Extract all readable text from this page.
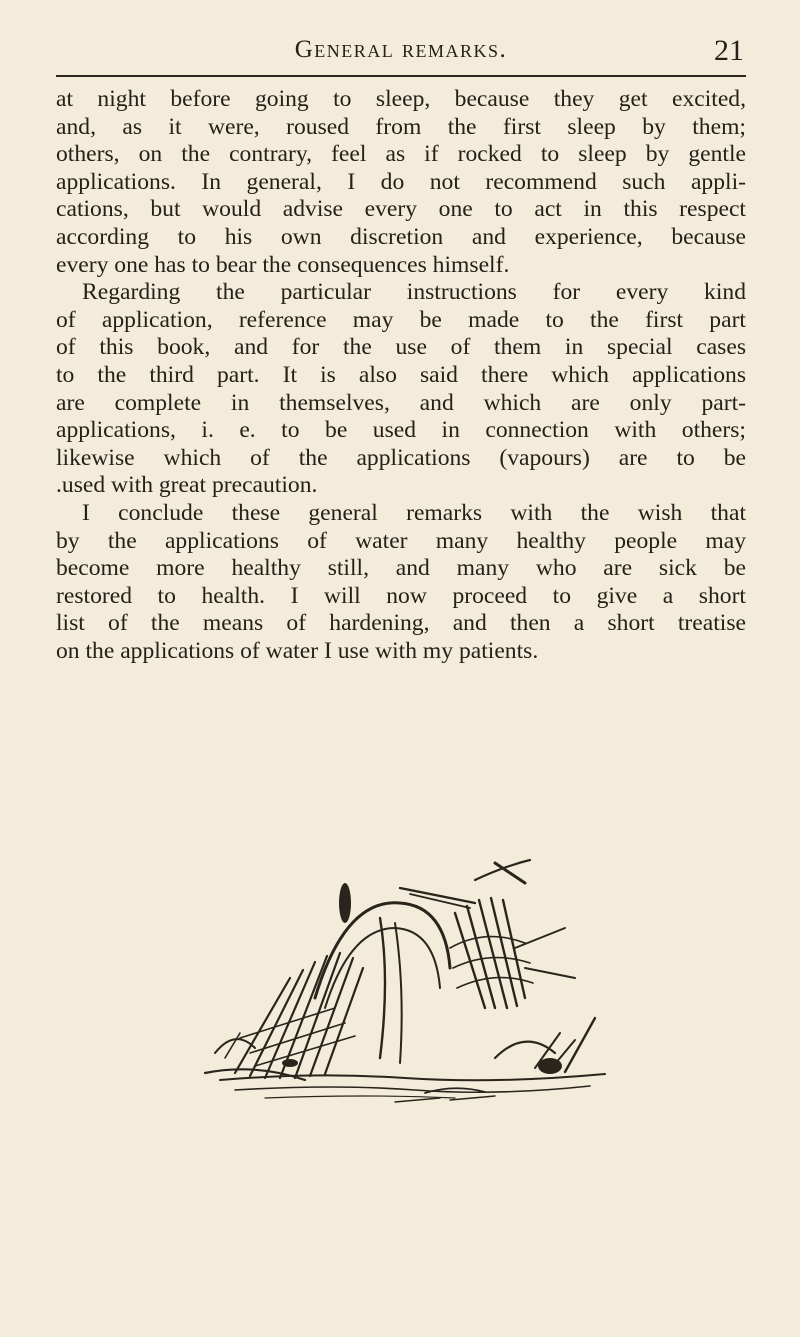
General remarks.	21
at night before going to sleep, because they get excited,
and, as it were, roused from the first sleep by them;
others, on the contrary, feel as if rocked to sleep by gentle
applications. In general, I do not recommend such appli-
cations, but would advise every one to act in this respect
according to his own discretion and experience, because
every one has to bear the consequences himself.
Regarding the particular instructions for every kind
of application, reference may be made to the first part
of this book, and for the use of them in special cases
to the third part. It is also said there which applications
are complete in themselves, and which are only part-
applications, i. e. to be used in connection with others;
likewise which of the applications (vapours) are to be
.used with great precaution.
I conclude these general remarks with the wish that
by the applications of water many healthy people may
become more healthy still, and many who are sick be
restored to health. I will now proceed to give a short
list of the means of hardening, and then a short treatise
on the applications of water I use with my patients.
